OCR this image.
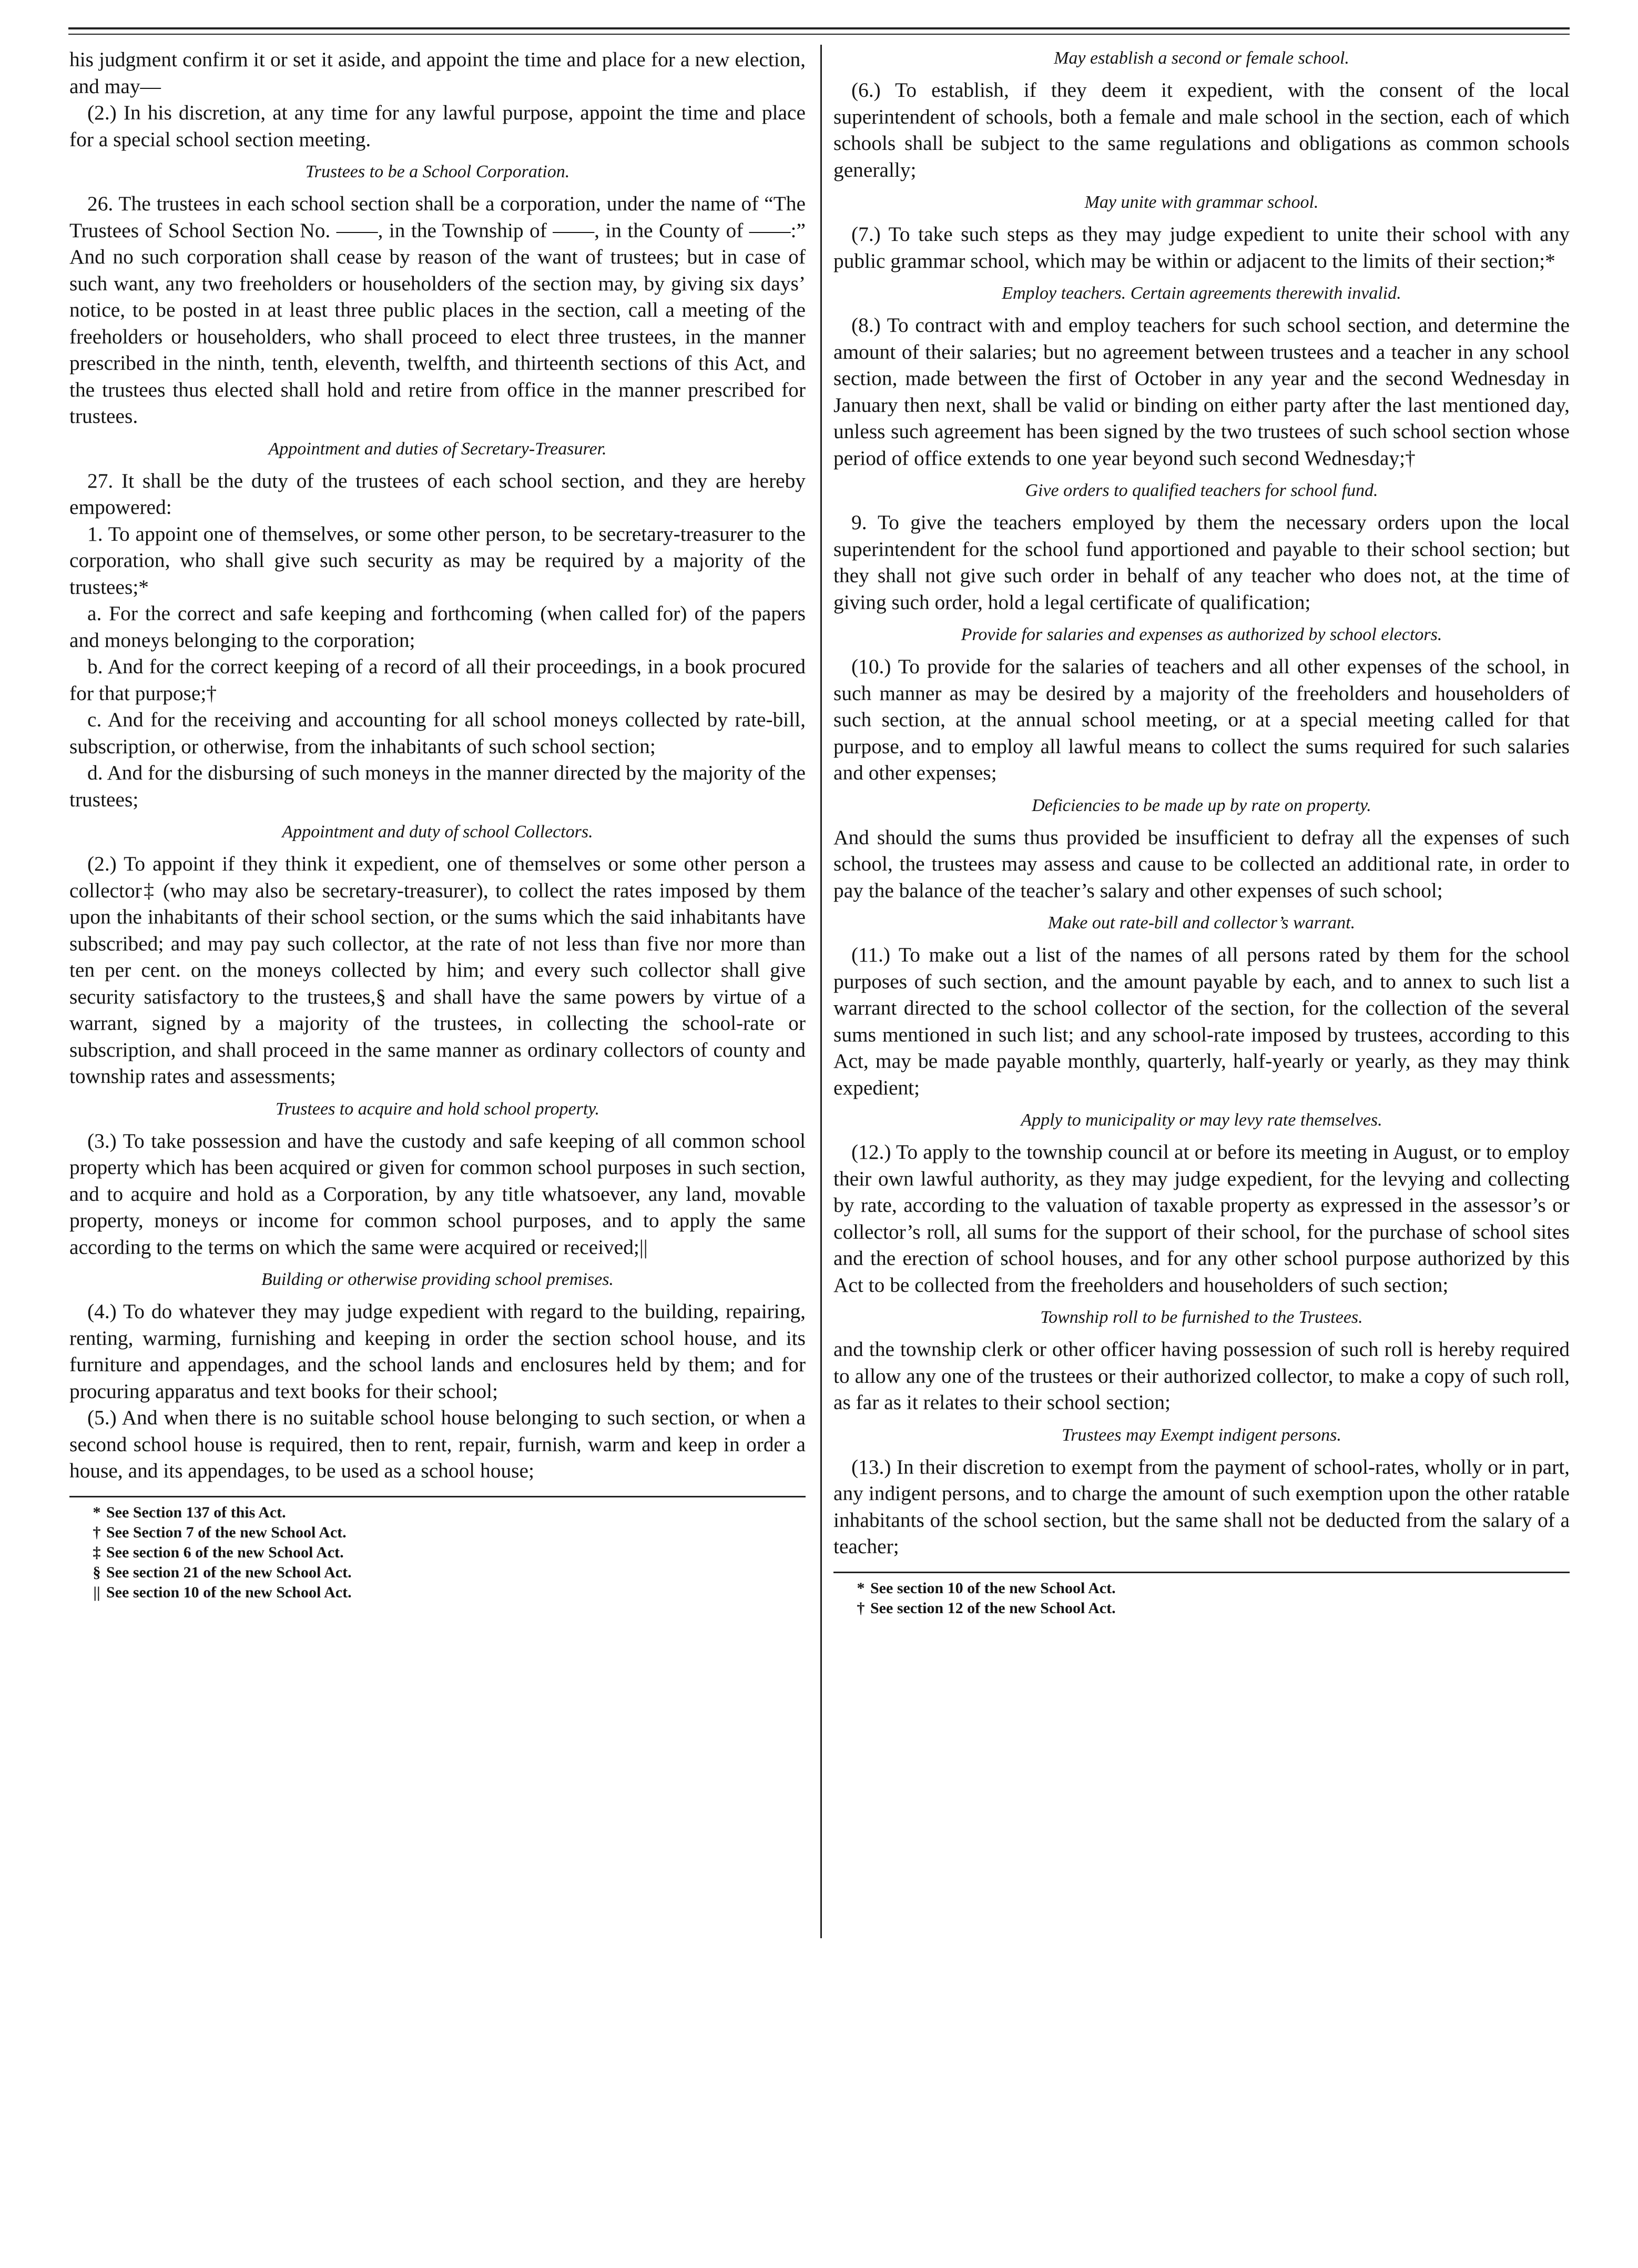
his judgment confirm it or set it aside, and appoint the time and place for a new election, and may—

(2.) In his discretion, at any time for any lawful purpose, appoint the time and place for a special school section meeting.

Trustees to be a School Corporation.

26. The trustees in each school section shall be a corporation, under the name of “The Trustees of School Section No. ——, in the Township of ——, in the County of ——:” And no such corporation shall cease by reason of the want of trustees; but in case of such want, any two freeholders or householders of the section may, by giving six days’ notice, to be posted in at least three public places in the section, call a meeting of the freeholders or householders, who shall proceed to elect three trustees, in the manner prescribed in the ninth, tenth, eleventh, twelfth, and thirteenth sections of this Act, and the trustees thus elected shall hold and retire from office in the manner prescribed for trustees.

Appointment and duties of Secretary-Treasurer.

27. It shall be the duty of the trustees of each school section, and they are hereby empowered:

1. To appoint one of themselves, or some other person, to be secretary-treasurer to the corporation, who shall give such security as may be required by a majority of the trustees;*

a. For the correct and safe keeping and forthcoming (when called for) of the papers and moneys belonging to the corporation;

b. And for the correct keeping of a record of all their proceedings, in a book procured for that purpose;†

c. And for the receiving and accounting for all school moneys collected by rate-bill, subscription, or otherwise, from the inhabitants of such school section;

d. And for the disbursing of such moneys in the manner directed by the majority of the trustees;

Appointment and duty of school Collectors.

(2.) To appoint if they think it expedient, one of themselves or some other person a collector‡ (who may also be secretary-treasurer), to collect the rates imposed by them upon the inhabitants of their school section, or the sums which the said inhabitants have subscribed; and may pay such collector, at the rate of not less than five nor more than ten per cent. on the moneys collected by him; and every such collector shall give security satisfactory to the trustees,§ and shall have the same powers by virtue of a warrant, signed by a majority of the trustees, in collecting the school-rate or subscription, and shall proceed in the same manner as ordinary collectors of county and township rates and assessments;

Trustees to acquire and hold school property.

(3.) To take possession and have the custody and safe keeping of all common school property which has been acquired or given for common school purposes in such section, and to acquire and hold as a Corporation, by any title whatsoever, any land, movable property, moneys or income for common school purposes, and to apply the same according to the terms on which the same were acquired or received;||

Building or otherwise providing school premises.

(4.) To do whatever they may judge expedient with regard to the building, repairing, renting, warming, furnishing and keeping in order the section school house, and its furniture and appendages, and the school lands and enclosures held by them; and for procuring apparatus and text books for their school;

(5.) And when there is no suitable school house belonging to such section, or when a second school house is required, then to rent, repair, furnish, warm and keep in order a house, and its appendages, to be used as a school house;

* See Section 137 of this Act.

† See Section 7 of the new School Act.

‡ See section 6 of the new School Act.

§ See section 21 of the new School Act.

|| See section 10 of the new School Act.

May establish a second or female school.

(6.) To establish, if they deem it expedient, with the consent of the local superintendent of schools, both a female and male school in the section, each of which schools shall be subject to the same regulations and obligations as common schools generally;

May unite with grammar school.

(7.) To take such steps as they may judge expedient to unite their school with any public grammar school, which may be within or adjacent to the limits of their section;*

Employ teachers. Certain agreements therewith invalid.

(8.) To contract with and employ teachers for such school section, and determine the amount of their salaries; but no agreement between trustees and a teacher in any school section, made between the first of October in any year and the second Wednesday in January then next, shall be valid or binding on either party after the last mentioned day, unless such agreement has been signed by the two trustees of such school section whose period of office extends to one year beyond such second Wednesday;†

Give orders to qualified teachers for school fund.

9. To give the teachers employed by them the necessary orders upon the local superintendent for the school fund apportioned and payable to their school section; but they shall not give such order in behalf of any teacher who does not, at the time of giving such order, hold a legal certificate of qualification;

Provide for salaries and expenses as authorized by school electors.

(10.) To provide for the salaries of teachers and all other expenses of the school, in such manner as may be desired by a majority of the freeholders and householders of such section, at the annual school meeting, or at a special meeting called for that purpose, and to employ all lawful means to collect the sums required for such salaries and other expenses;

Deficiencies to be made up by rate on property.

And should the sums thus provided be insufficient to defray all the expenses of such school, the trustees may assess and cause to be collected an additional rate, in order to pay the balance of the teacher’s salary and other expenses of such school;

Make out rate-bill and collector’s warrant.

(11.) To make out a list of the names of all persons rated by them for the school purposes of such section, and the amount payable by each, and to annex to such list a warrant directed to the school collector of the section, for the collection of the several sums mentioned in such list; and any school-rate imposed by trustees, according to this Act, may be made payable monthly, quarterly, half-yearly or yearly, as they may think expedient;

Apply to municipality or may levy rate themselves.

(12.) To apply to the township council at or before its meeting in August, or to employ their own lawful authority, as they may judge expedient, for the levying and collecting by rate, according to the valuation of taxable property as expressed in the assessor’s or collector’s roll, all sums for the support of their school, for the purchase of school sites and the erection of school houses, and for any other school purpose authorized by this Act to be collected from the freeholders and householders of such section;

Township roll to be furnished to the Trustees.

and the township clerk or other officer having possession of such roll is hereby required to allow any one of the trustees or their authorized collector, to make a copy of such roll, as far as it relates to their school section;

Trustees may Exempt indigent persons.

(13.) In their discretion to exempt from the payment of school-rates, wholly or in part, any indigent persons, and to charge the amount of such exemption upon the other ratable inhabitants of the school section, but the same shall not be deducted from the salary of a teacher;

* See section 10 of the new School Act.

† See section 12 of the new School Act.
